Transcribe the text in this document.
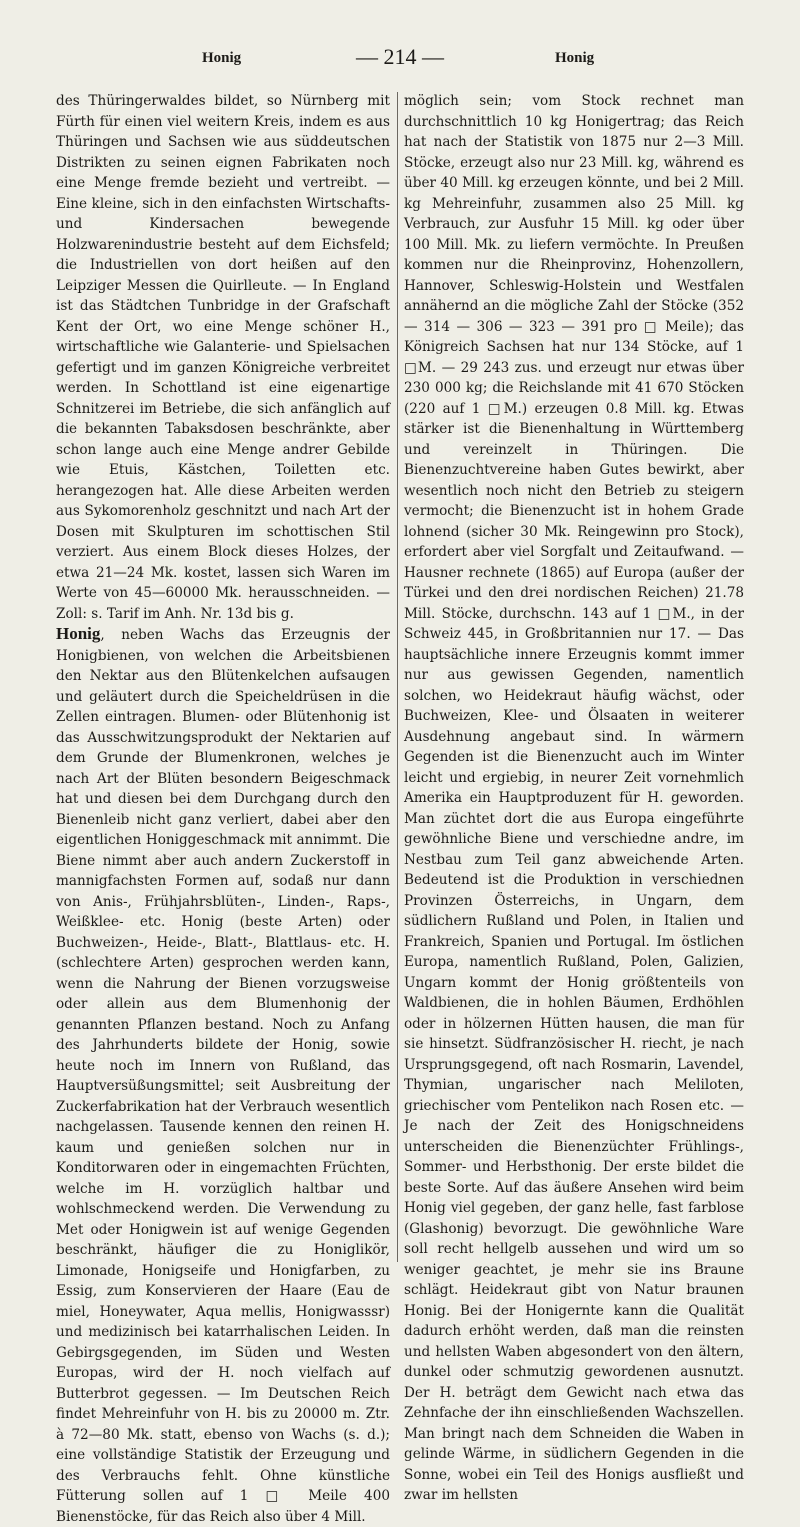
Honig	— 214 —	Honig

des Thüringerwaldes bildet, so Nürnberg mit Fürth für einen viel weitern Kreis, indem es aus Thüringen und Sachsen wie aus süddeutschen Distrikten zu seinen eignen Fabrikaten noch eine Menge fremde bezieht und vertreibt. — Eine kleine, sich in den einfachsten Wirtschafts- und Kindersachen bewegende Holzwarenindustrie besteht auf dem Eichsfeld; die Industriellen von dort heißen auf den Leipziger Messen die Quirlleute. — In England ist das Städtchen Tunbridge in der Grafschaft Kent der Ort, wo eine Menge schöner H., wirtschaftliche wie Galanterie- und Spielsachen gefertigt und im ganzen Königreiche verbreitet werden. In Schottland ist eine eigenartige Schnitzerei im Betriebe, die sich anfänglich auf die bekannten Tabaksdosen beschränkte, aber schon lange auch eine Menge andrer Gebilde wie Etuis, Kästchen, Toiletten etc. herangezogen hat. Alle diese Arbeiten werden aus Sykomorenholz geschnitzt und nach Art der Dosen mit Skulpturen im schottischen Stil verziert. Aus einem Block dieses Holzes, der etwa 21—24 Mk. kostet, lassen sich Waren im Werte von 45—60000 Mk. herausschneiden. — Zoll: s. Tarif im Anh. Nr. 13d bis g.

Honig, neben Wachs das Erzeugnis der Honigbienen, von welchen die Arbeitsbienen den Nektar aus den Blütenkelchen aufsaugen und geläutert durch die Speicheldrüsen in die Zellen eintragen. Blumen- oder Blütenhonig ist das Ausschwitzungsprodukt der Nektarien auf dem Grunde der Blumenkronen, welches je nach Art der Blüten besondern Beigeschmack hat und diesen bei dem Durchgang durch den Bienenleib nicht ganz verliert, dabei aber den eigentlichen Honiggeschmack mit annimmt. Die Biene nimmt aber auch andern Zuckerstoff in mannigfachsten Formen auf, sodaß nur dann von Anis-, Frühjahrsblüten-, Linden-, Raps-, Weißklee- etc. Honig (beste Arten) oder Buchweizen-, Heide-, Blatt-, Blattlaus- etc. H. (schlechtere Arten) gesprochen werden kann, wenn die Nahrung der Bienen vorzugsweise oder allein aus dem Blumenhonig der genannten Pflanzen bestand. Noch zu Anfang des Jahrhunderts bildete der Honig, sowie heute noch im Innern von Rußland, das Hauptversüßungsmittel; seit Ausbreitung der Zuckerfabrikation hat der Verbrauch wesentlich nachgelassen. Tausende kennen den reinen H. kaum und genießen solchen nur in Konditorwaren oder in eingemachten Früchten, welche im H. vorzüglich haltbar und wohlschmeckend werden. Die Verwendung zu Met oder Honigwein ist auf wenige Gegenden beschränkt, häufiger die zu Honiglikör, Limonade, Honigseife und Honigfarben, zu Essig, zum Konservieren der Haare (Eau de miel, Honeywater, Aqua mellis, Honigwasssr) und medizinisch bei katarrhalischen Leiden. In Gebirgsgegenden, im Süden und Westen Europas, wird der H. noch vielfach auf Butterbrot gegessen. — Im Deutschen Reich findet Mehreinfuhr von H. bis zu 20000 m. Ztr. à 72—80 Mk. statt, ebenso von Wachs (s. d.); eine vollständige Statistik der Erzeugung und des Verbrauchs fehlt. Ohne künstliche Fütterung sollen auf 1 □ Meile 400 Bienenstöcke, für das Reich also über 4 Mill.

möglich sein; vom Stock rechnet man durchschnittlich 10 kg Honigertrag; das Reich hat nach der Statistik von 1875 nur 2—3 Mill. Stöcke, erzeugt also nur 23 Mill. kg, während es über 40 Mill. kg erzeugen könnte, und bei 2 Mill. kg Mehreinfuhr, zusammen also 25 Mill. kg Verbrauch, zur Ausfuhr 15 Mill. kg oder über 100 Mill. Mk. zu liefern vermöchte. In Preußen kommen nur die Rheinprovinz, Hohenzollern, Hannover, Schleswig-Holstein und Westfalen annähernd an die mögliche Zahl der Stöcke (352 — 314 — 306 — 323 — 391 pro □ Meile); das Königreich Sachsen hat nur 134 Stöcke, auf 1 □M. — 29 243 zus. und erzeugt nur etwas über 230 000 kg; die Reichslande mit 41 670 Stöcken (220 auf 1 □M.) erzeugen 0.8 Mill. kg. Etwas stärker ist die Bienenhaltung in Württemberg und vereinzelt in Thüringen. Die Bienenzuchtvereine haben Gutes bewirkt, aber wesentlich noch nicht den Betrieb zu steigern vermocht; die Bienenzucht ist in hohem Grade lohnend (sicher 30 Mk. Reingewinn pro Stock), erfordert aber viel Sorgfalt und Zeitaufwand. — Hausner rechnete (1865) auf Europa (außer der Türkei und den drei nordischen Reichen) 21.78 Mill. Stöcke, durchschn. 143 auf 1 □M., in der Schweiz 445, in Großbritannien nur 17. — Das hauptsächliche innere Erzeugnis kommt immer nur aus gewissen Gegenden, namentlich solchen, wo Heidekraut häufig wächst, oder Buchweizen, Klee- und Ölsaaten in weiterer Ausdehnung angebaut sind. In wärmern Gegenden ist die Bienenzucht auch im Winter leicht und ergiebig, in neurer Zeit vornehmlich Amerika ein Hauptproduzent für H. geworden. Man züchtet dort die aus Europa eingeführte gewöhnliche Biene und verschiedne andre, im Nestbau zum Teil ganz abweichende Arten. Bedeutend ist die Produktion in verschiednen Provinzen Österreichs, in Ungarn, dem südlichern Rußland und Polen, in Italien und Frankreich, Spanien und Portugal. Im östlichen Europa, namentlich Rußland, Polen, Galizien, Ungarn kommt der Honig größtenteils von Waldbienen, die in hohlen Bäumen, Erdhöhlen oder in hölzernen Hütten hausen, die man für sie hinsetzt. Südfranzösischer H. riecht, je nach Ursprungsgegend, oft nach Rosmarin, Lavendel, Thymian, ungarischer nach Meliloten, griechischer vom Pentelikon nach Rosen etc. — Je nach der Zeit des Honigschneidens unterscheiden die Bienenzüchter Frühlings-, Sommer- und Herbsthonig. Der erste bildet die beste Sorte. Auf das äußere Ansehen wird beim Honig viel gegeben, der ganz helle, fast farblose (Glashonig) bevorzugt. Die gewöhnliche Ware soll recht hellgelb aussehen und wird um so weniger geachtet, je mehr sie ins Braune schlägt. Heidekraut gibt von Natur braunen Honig. Bei der Honigernte kann die Qualität dadurch erhöht werden, daß man die reinsten und hellsten Waben abgesondert von den ältern, dunkel oder schmutzig gewordenen ausnutzt. Der H. beträgt dem Gewicht nach etwa das Zehnfache der ihn einschließenden Wachszellen. Man bringt nach dem Schneiden die Waben in gelinde Wärme, in südlichern Gegenden in die Sonne, wobei ein Teil des Honigs ausfließt und zwar im hellsten
